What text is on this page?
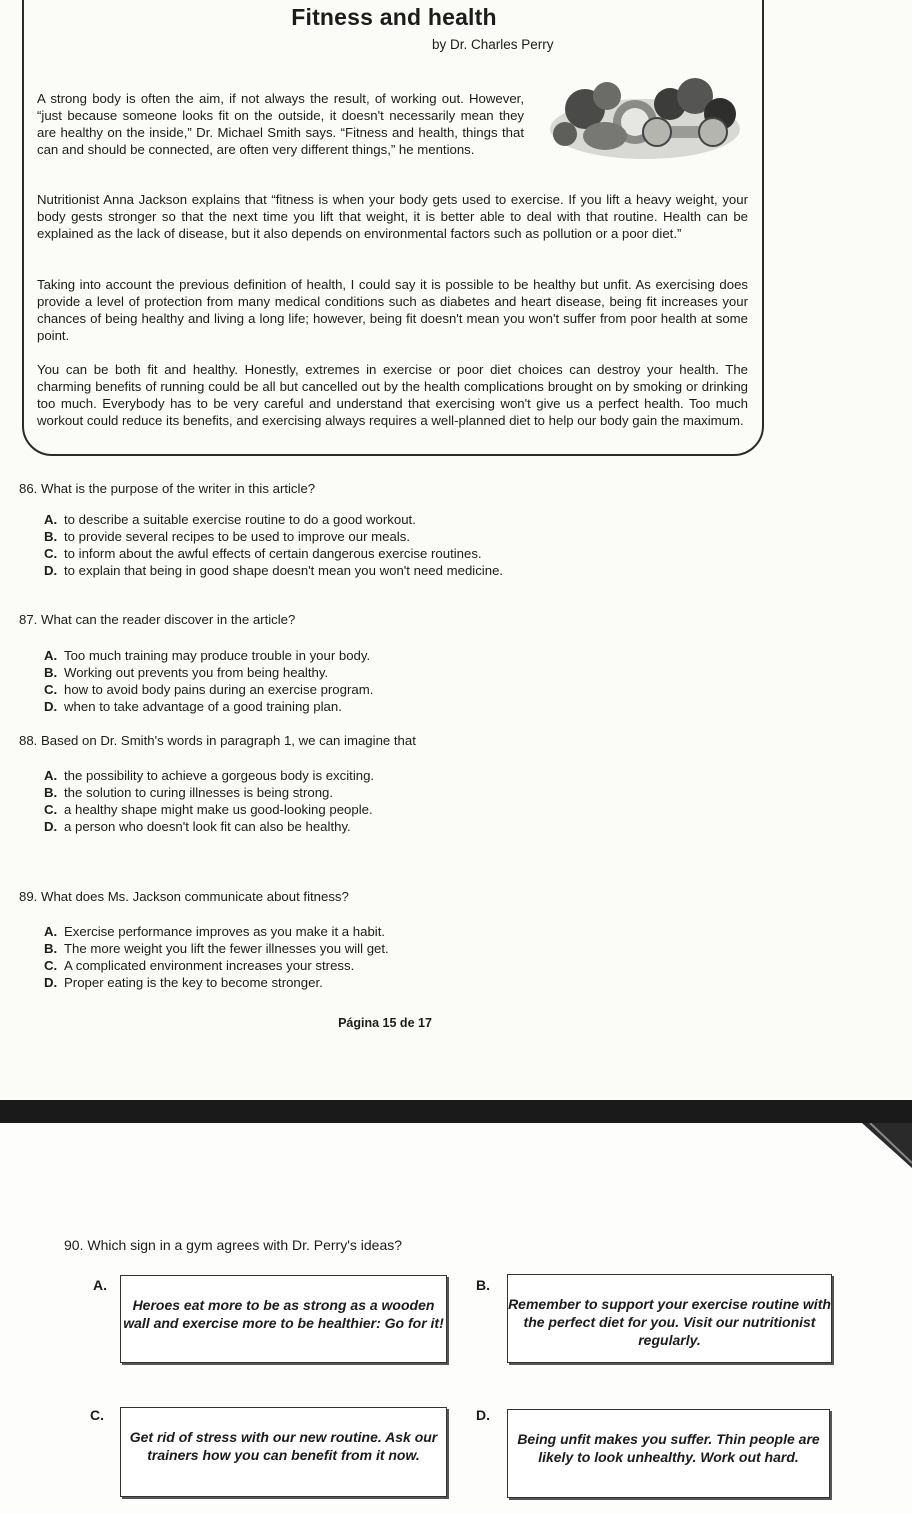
Fitness and health
by Dr. Charles Perry

A strong body is often the aim, if not always the result, of working out. However, “just because someone looks fit on the outside, it doesn't necessarily mean they are healthy on the inside,” Dr. Michael Smith says. “Fitness and health, things that can and should be connected, are often very different things,” he mentions.

Nutritionist Anna Jackson explains that “fitness is when your body gets used to exercise. If you lift a heavy weight, your body gests stronger so that the next time you lift that weight, it is better able to deal with that routine. Health can be explained as the lack of disease, but it also depends on environmental factors such as pollution or a poor diet.”

Taking into account the previous definition of health, I could say it is possible to be healthy but unfit. As exercising does provide a level of protection from many medical conditions such as diabetes and heart disease, being fit increases your chances of being healthy and living a long life; however, being fit doesn't mean you won't suffer from poor health at some point.

You can be both fit and healthy. Honestly, extremes in exercise or poor diet choices can destroy your health. The charming benefits of running could be all but cancelled out by the health complications brought on by smoking or drinking too much. Everybody has to be very careful and understand that exercising won't give us a perfect health. Too much workout could reduce its benefits, and exercising always requires a well-planned diet to help our body gain the maximum.

86. What is the purpose of the writer in this article?
A. to describe a suitable exercise routine to do a good workout.
B. to provide several recipes to be used to improve our meals.
C. to inform about the awful effects of certain dangerous exercise routines.
D. to explain that being in good shape doesn't mean you won't need medicine.
87. What can the reader discover in the article?
A. Too much training may produce trouble in your body.
B. Working out prevents you from being healthy.
C. how to avoid body pains during an exercise program.
D. when to take advantage of a good training plan.
88. Based on Dr. Smith's words in paragraph 1, we can imagine that
A. the possibility to achieve a gorgeous body is exciting.
B. the solution to curing illnesses is being strong.
C. a healthy shape might make us good-looking people.
D. a person who doesn't look fit can also be healthy.
89. What does Ms. Jackson communicate about fitness?
A. Exercise performance improves as you make it a habit.
B. The more weight you lift the fewer illnesses you will get.
C. A complicated environment increases your stress.
D. Proper eating is the key to become stronger.
Página 15 de 17
90. Which sign in a gym agrees with Dr. Perry's ideas?
A.
Heroes eat more to be as strong as a wooden wall and exercise more to be healthier: Go for it!
B.
Remember to support your exercise routine with the perfect diet for you. Visit our nutritionist regularly.
C.
Get rid of stress with our new routine. Ask our trainers how you can benefit from it now.
D.
Being unfit makes you suffer. Thin people are likely to look unhealthy. Work out hard.
